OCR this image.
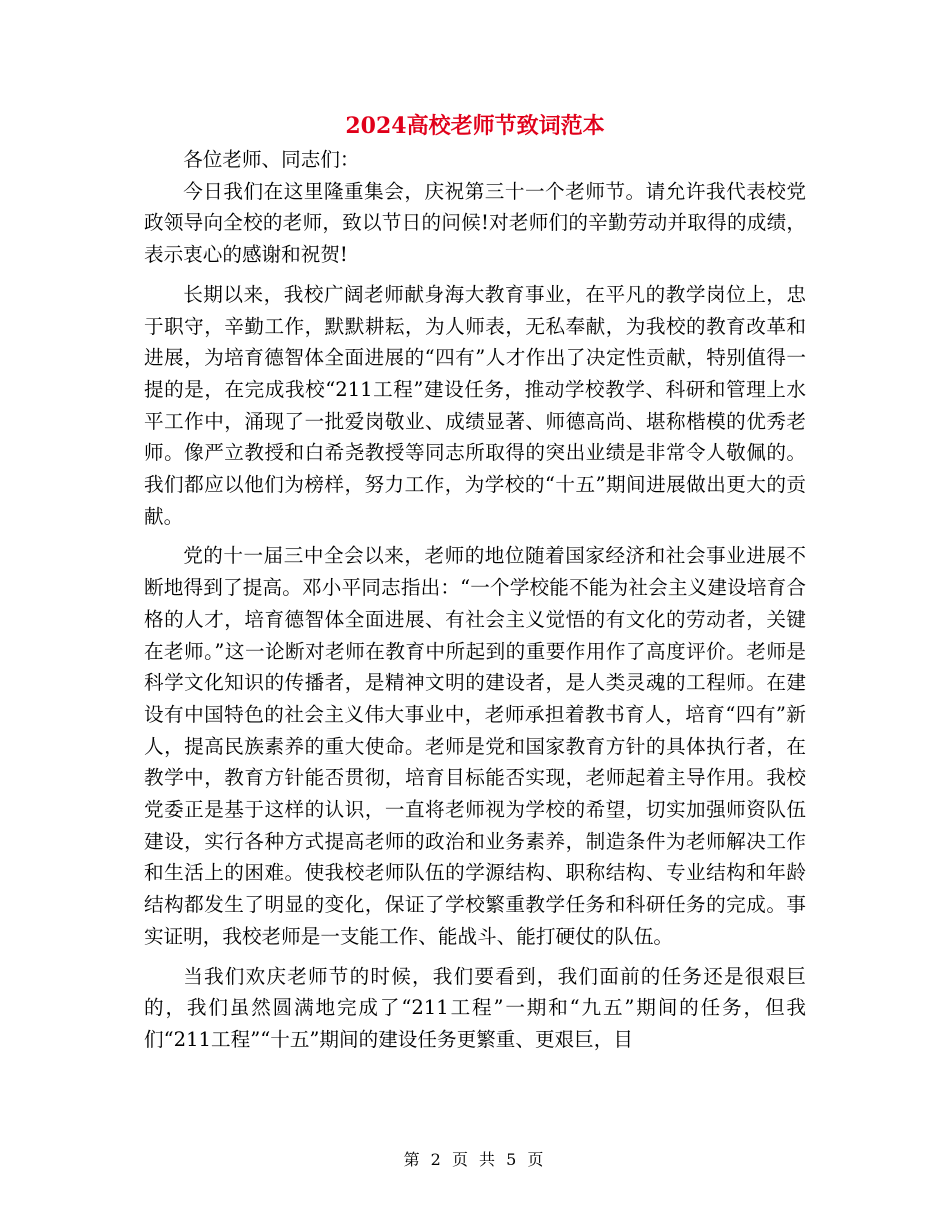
2024高校老师节致词范本

各位老师、同志们：

今日我们在这里隆重集会，庆祝第三十一个老师节。请允许我代表校党政领导向全校的老师，致以节日的问候!对老师们的辛勤劳动并取得的成绩，表示衷心的感谢和祝贺!

长期以来，我校广阔老师献身海大教育事业，在平凡的教学岗位上，忠于职守，辛勤工作，默默耕耘，为人师表，无私奉献，为我校的教育改革和进展，为培育德智体全面进展的“四有”人才作出了决定性贡献，特别值得一提的是，在完成我校“211工程”建设任务，推动学校教学、科研和管理上水平工作中，涌现了一批爱岗敬业、成绩显著、师德高尚、堪称楷模的优秀老师。像严立教授和白希尧教授等同志所取得的突出业绩是非常令人敬佩的。我们都应以他们为榜样，努力工作，为学校的“十五”期间进展做出更大的贡献。

党的十一届三中全会以来，老师的地位随着国家经济和社会事业进展不断地得到了提高。邓小平同志指出：“一个学校能不能为社会主义建设培育合格的人才，培育德智体全面进展、有社会主义觉悟的有文化的劳动者，关键在老师。”这一论断对老师在教育中所起到的重要作用作了高度评价。老师是科学文化知识的传播者，是精神文明的建设者，是人类灵魂的工程师。在建设有中国特色的社会主义伟大事业中，老师承担着教书育人，培育“四有”新人，提高民族素养的重大使命。老师是党和国家教育方针的具体执行者，在教学中，教育方针能否贯彻，培育目标能否实现，老师起着主导作用。我校党委正是基于这样的认识，一直将老师视为学校的希望，切实加强师资队伍建设，实行各种方式提高老师的政治和业务素养，制造条件为老师解决工作和生活上的困难。使我校老师队伍的学源结构、职称结构、专业结构和年龄结构都发生了明显的变化，保证了学校繁重教学任务和科研任务的完成。事实证明，我校老师是一支能工作、能战斗、能打硬仗的队伍。

当我们欢庆老师节的时候，我们要看到，我们面前的任务还是很艰巨的，我们虽然圆满地完成了“211工程”一期和“九五”期间的任务，但我们“211工程”“十五”期间的建设任务更繁重、更艰巨，目

第 2 页 共 5 页
